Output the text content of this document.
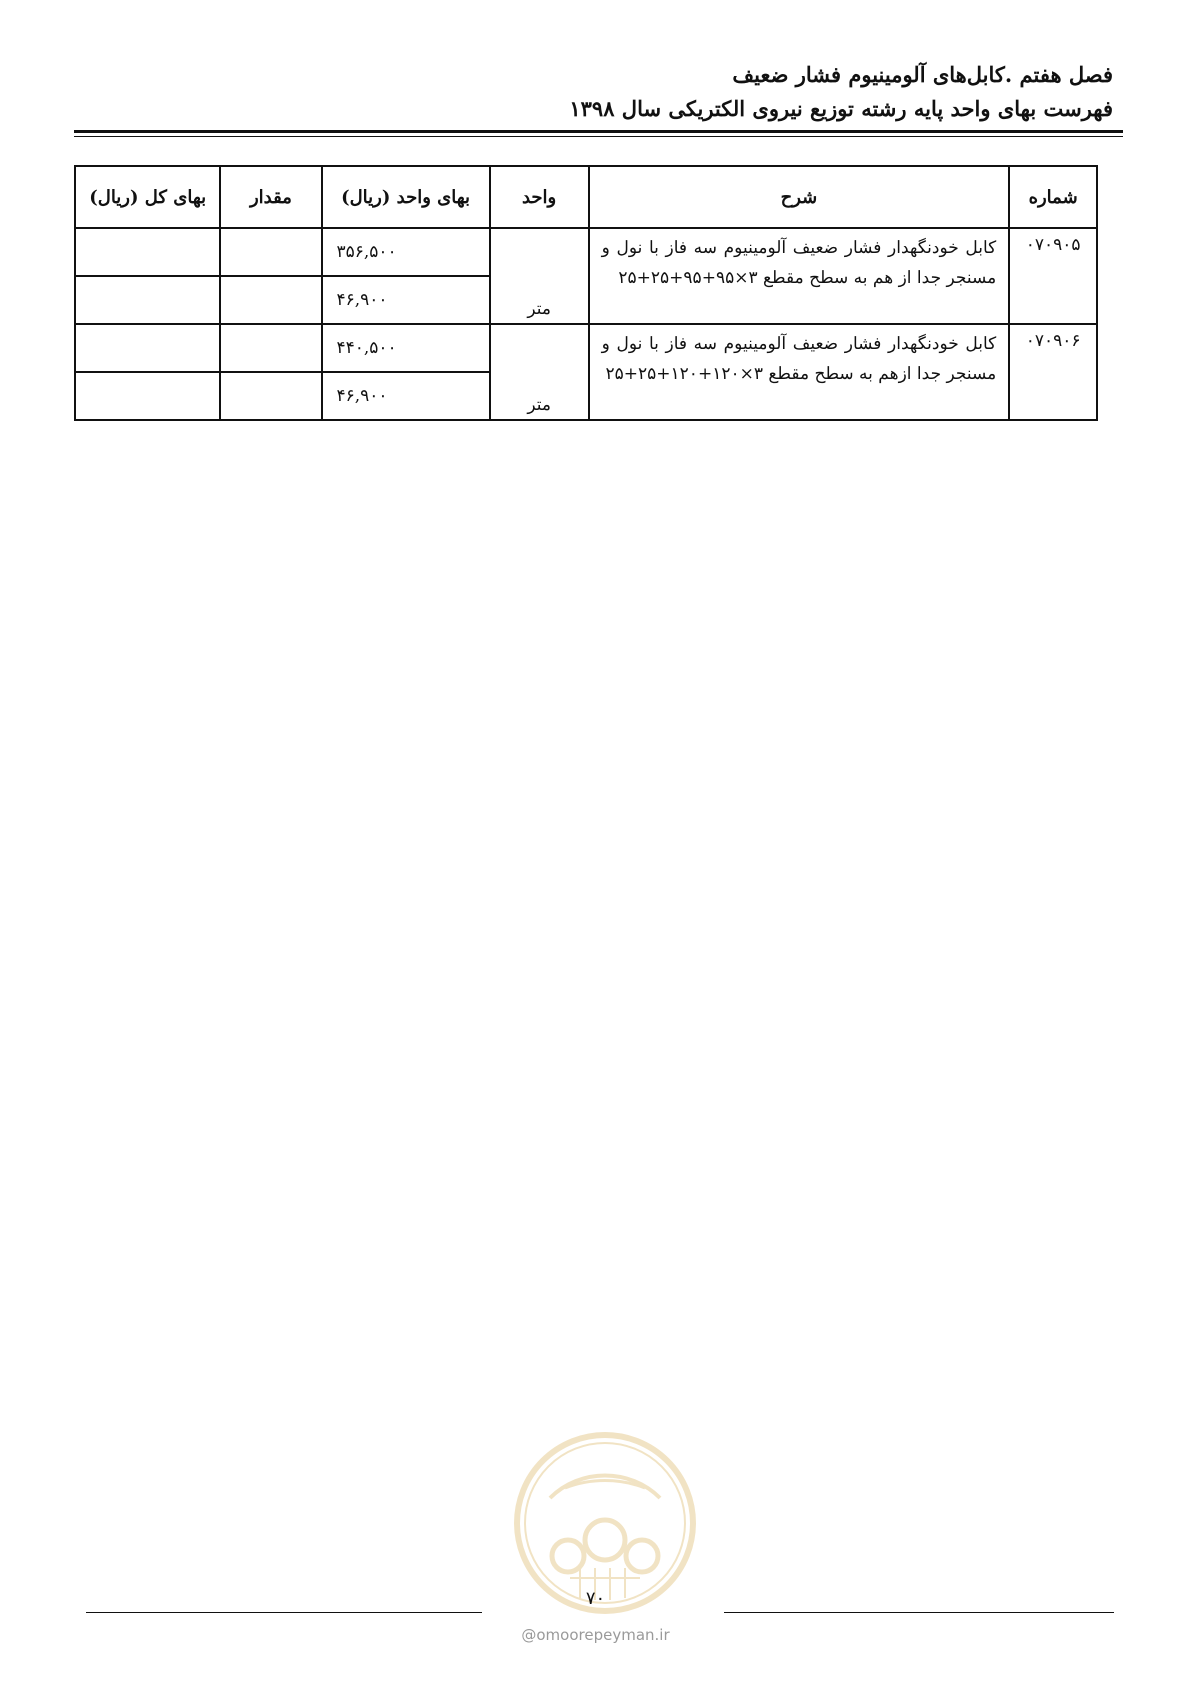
فصل هفتم .کابل‌های آلومینیوم فشار ضعیف
فهرست بهای واحد پایه رشته توزیع نیروی الکتریکی سال ۱۳۹۸
شماره	شرح	واحد	بهای واحد (ریال)	مقدار	بهای کل (ریال)
۰۷۰۹۰۵	کابل خودنگهدار فشار ضعیف آلومینیوم سه فاز با نول و مسنجر جدا از هم به سطح مقطع ۳×۹۵+۹۵+۲۵+۲۵	متر	۳۵۶,۵۰۰		
			۴۶,۹۰۰		
۰۷۰۹۰۶	کابل خودنگهدار فشار ضعیف آلومینیوم سه فاز با نول و مسنجر جدا ازهم به سطح مقطع ۳×۱۲۰+۱۲۰+۲۵+۲۵	متر	۴۴۰,۵۰۰		
			۴۶,۹۰۰		
۷۰
@omoorepeyman.ir
